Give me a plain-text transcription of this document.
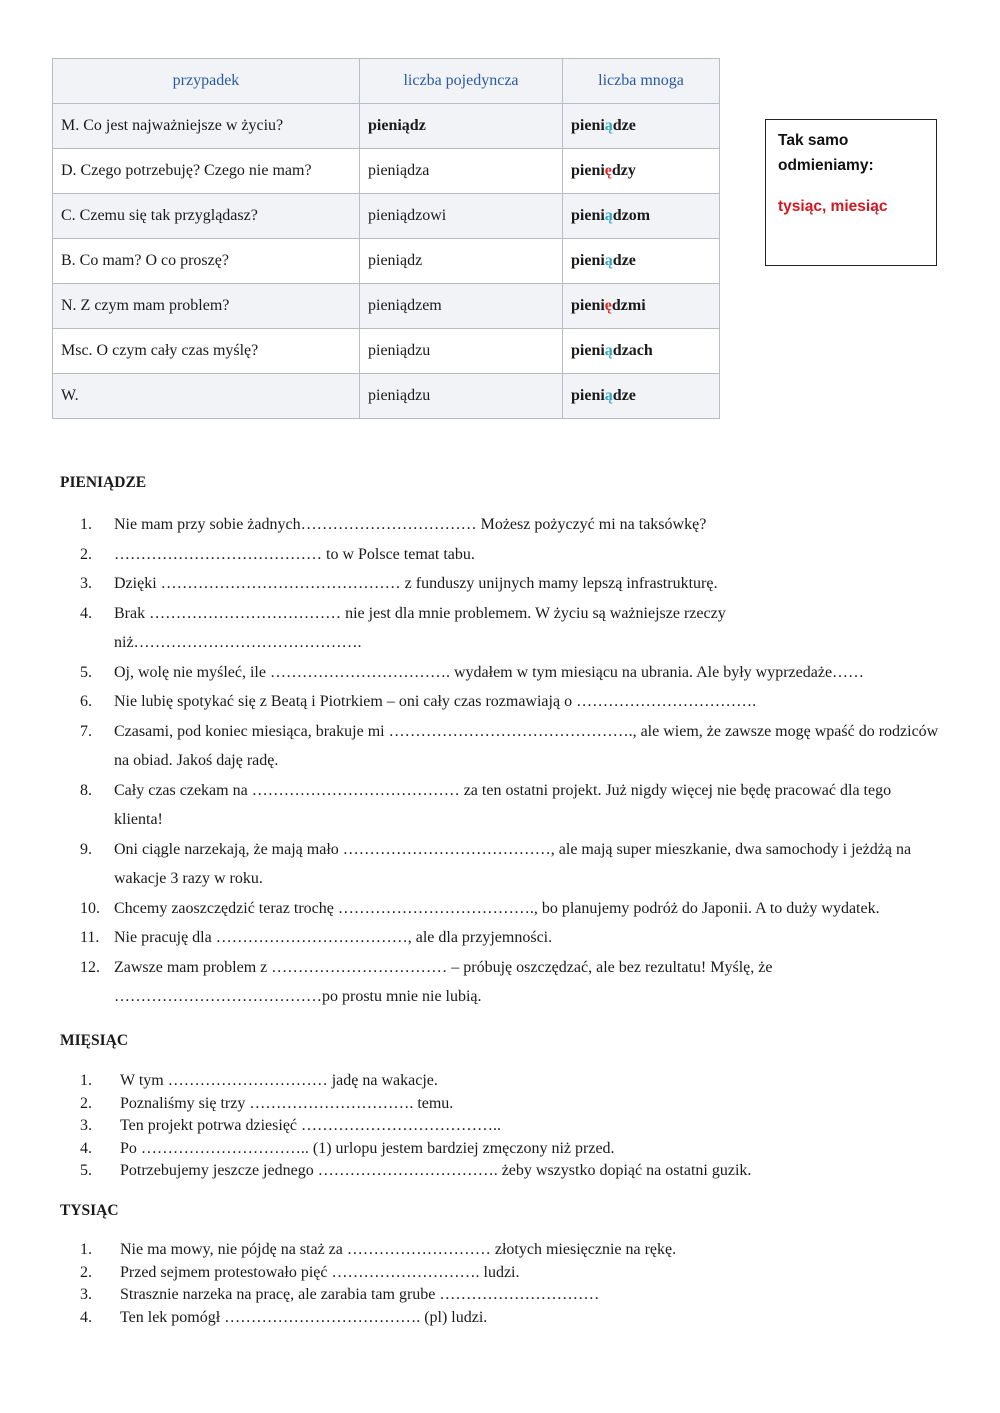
przypadek	liczba pojedyncza	liczba mnoga
M. Co jest najważniejsze w życiu?	pieniądz	pieniądze
D. Czego potrzebuję? Czego nie mam?	pieniądza	pieniędzy
C. Czemu się tak przyglądasz?	pieniądzowi	pieniądzom
B. Co mam? O co proszę?	pieniądz	pieniądze
N. Z czym mam problem?	pieniądzem	pieniędzmi
Msc. O czym cały czas myślę?	pieniądzu	pieniądzach
W.	pieniądzu	pieniądze
Tak samo
odmieniamy:
tysiąc, miesiąc
PIENIĄDZE
1.	Nie mam przy sobie żadnych…………………………… Możesz pożyczyć mi na taksówkę?
2.	………………………………… to w Polsce temat tabu.
3.	Dzięki ……………………………………… z funduszy unijnych mamy lepszą infrastrukturę.
4.	Brak ……………………………… nie jest dla mnie problemem. W życiu są ważniejsze rzeczy niż…………………………………….
5.	Oj, wolę nie myśleć, ile ……………………………. wydałem w tym miesiącu na ubrania. Ale były wyprzedaże……
6.	Nie lubię spotykać się z Beatą i Piotrkiem – oni cały czas rozmawiają o …………………………….
7.	Czasami, pod koniec miesiąca, brakuje mi ………………………………………., ale wiem, że zawsze mogę wpaść do rodziców na obiad. Jakoś daję radę.
8.	Cały czas czekam na ………………………………… za ten ostatni projekt. Już nigdy więcej nie będę pracować dla tego klienta!
9.	Oni ciągle narzekają, że mają mało …………………………………, ale mają super mieszkanie, dwa samochody i jeżdżą na wakacje 3 razy w roku.
10. Chcemy zaoszczędzić teraz trochę ………………………………., bo planujemy podróż do Japonii. A to duży wydatek.
11. Nie pracuję dla ………………………………, ale dla przyjemności.
12. Zawsze mam problem z …………………………… – próbuję oszczędzać, ale bez rezultatu! Myślę, że …………………………………po prostu mnie nie lubią.
MIĘSIĄC
1.	W tym ………………………… jadę na wakacje.
2.	Poznaliśmy się trzy …………………………. temu.
3.	Ten projekt potrwa dziesięć ………………………………..
4.	Po ………………………….. (1) urlopu jestem bardziej zmęczony niż przed.
5.	Potrzebujemy jeszcze jednego ……………………………. żeby wszystko dopiąć na ostatni guzik.
TYSIĄC
1.	Nie ma mowy, nie pójdę na staż za ……………………… złotych miesięcznie na rękę.
2.	Przed sejmem protestowało pięć ………………………. ludzi.
3.	Strasznie narzeka na pracę, ale zarabia tam grube …………………………
4.	Ten lek pomógł ………………………………. (pl) ludzi.
